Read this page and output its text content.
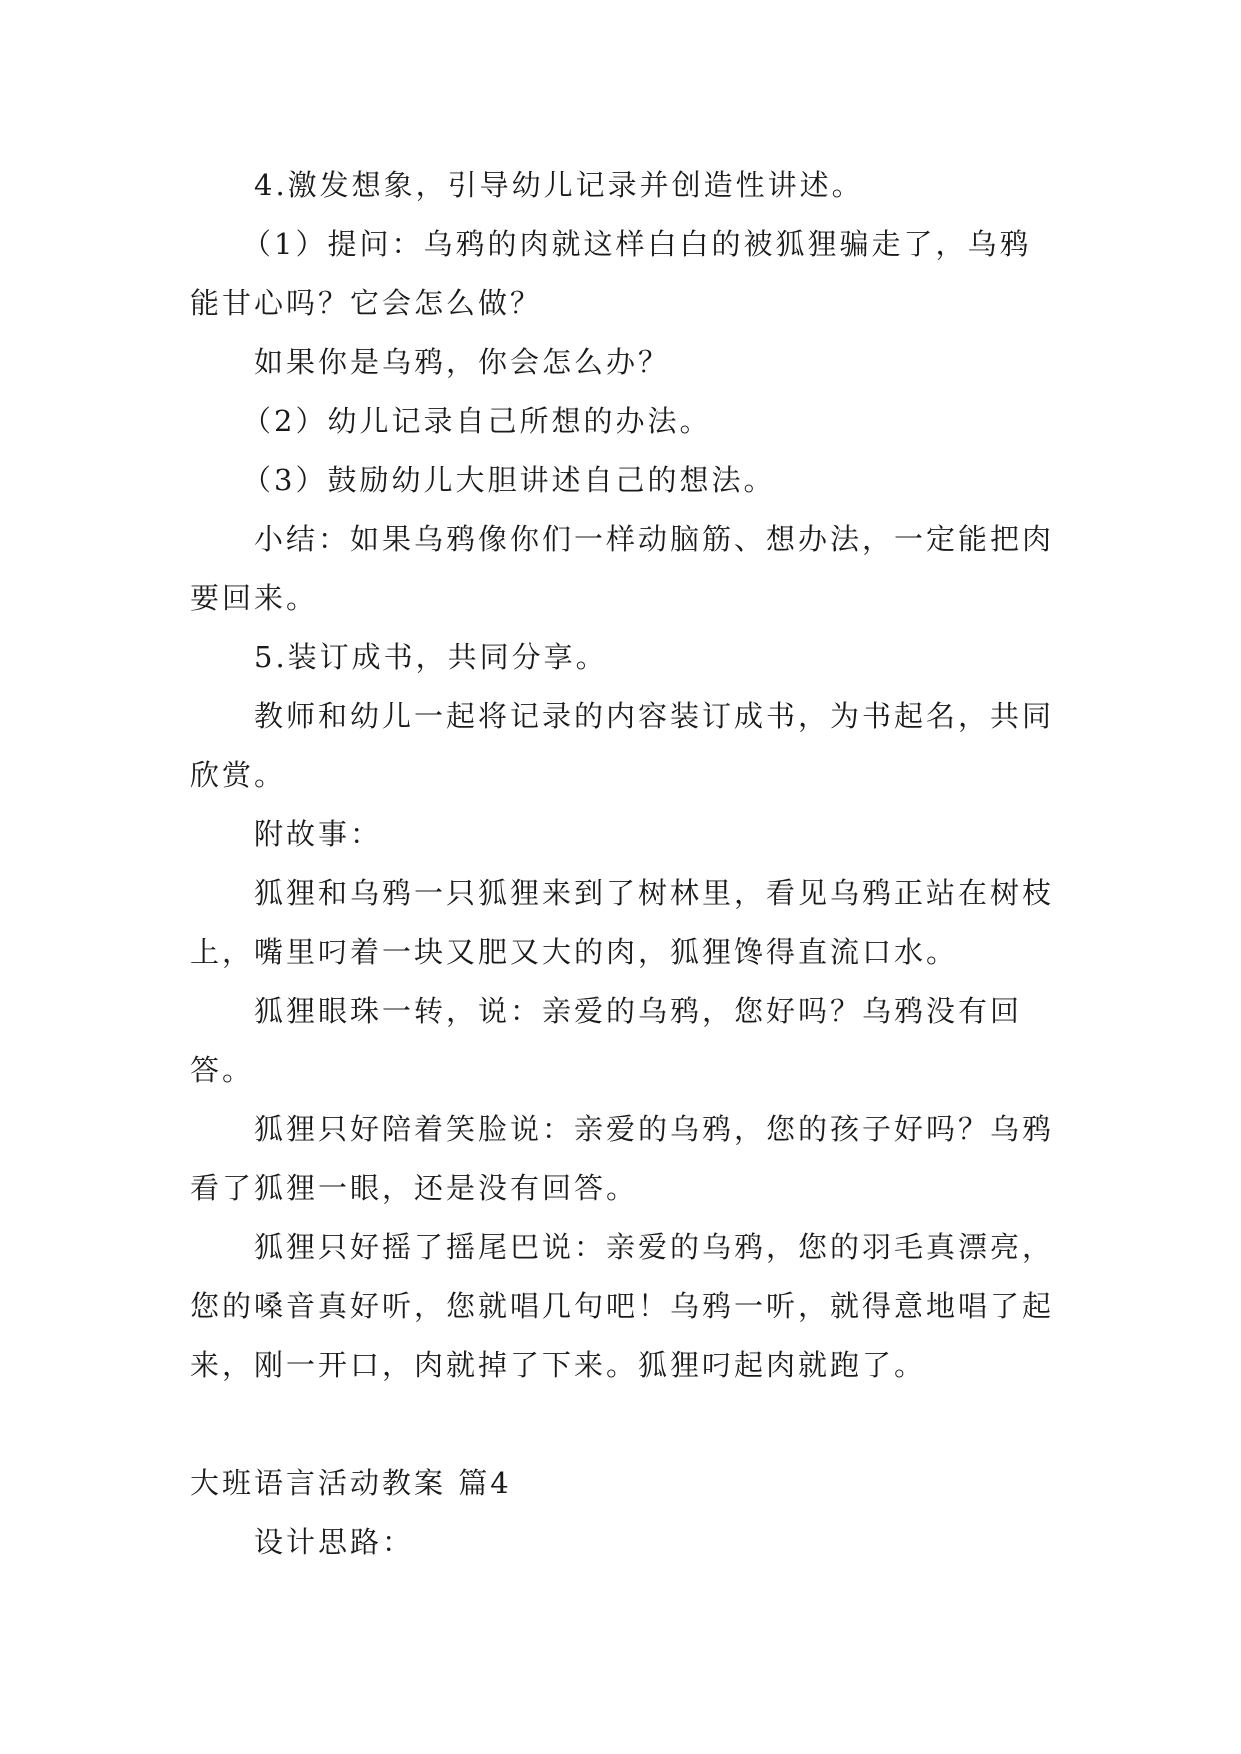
4.激发想象，引导幼儿记录并创造性讲述。

（1）提问：乌鸦的肉就这样白白的被狐狸骗走了，乌鸦能甘心吗？它会怎么做？

如果你是乌鸦，你会怎么办？

（2）幼儿记录自己所想的办法。

（3）鼓励幼儿大胆讲述自己的想法。

小结：如果乌鸦像你们一样动脑筋、想办法，一定能把肉要回来。

5.装订成书，共同分享。

教师和幼儿一起将记录的内容装订成书，为书起名，共同欣赏。

附故事：

狐狸和乌鸦一只狐狸来到了树林里，看见乌鸦正站在树枝上，嘴里叼着一块又肥又大的肉，狐狸馋得直流口水。

狐狸眼珠一转，说：亲爱的乌鸦，您好吗？乌鸦没有回答。

狐狸只好陪着笑脸说：亲爱的乌鸦，您的孩子好吗？乌鸦看了狐狸一眼，还是没有回答。

狐狸只好摇了摇尾巴说：亲爱的乌鸦，您的羽毛真漂亮，您的嗓音真好听，您就唱几句吧！乌鸦一听，就得意地唱了起来，刚一开口，肉就掉了下来。狐狸叼起肉就跑了。

大班语言活动教案 篇4

设计思路：
